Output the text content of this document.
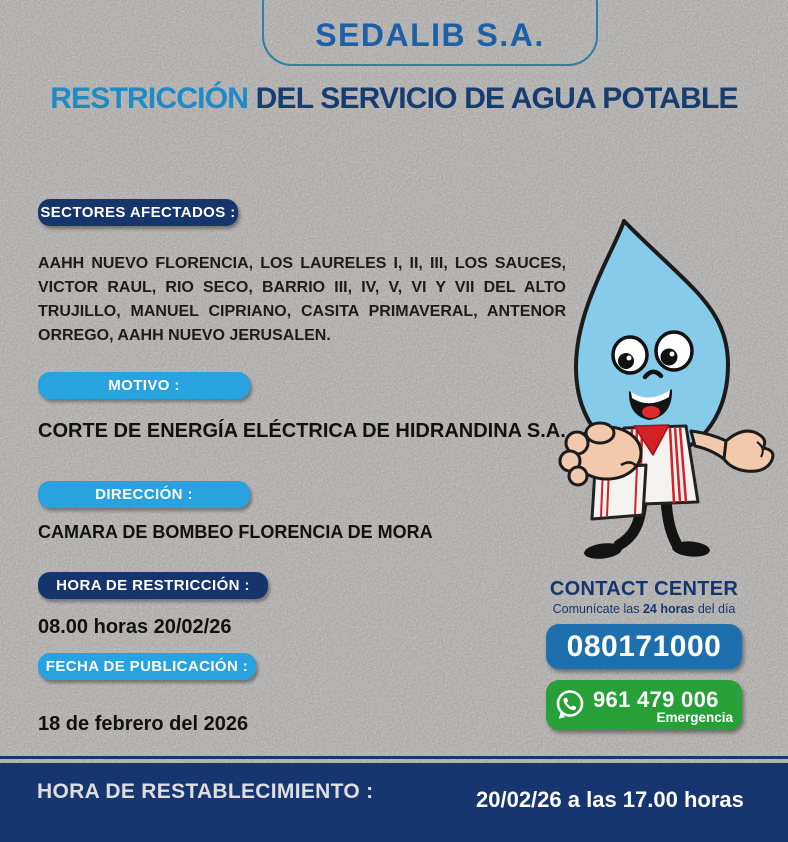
SEDALIB S.A.
RESTRICCIÓN DEL SERVICIO DE AGUA POTABLE
SECTORES AFECTADOS :

AAHH NUEVO FLORENCIA, LOS LAURELES I, II, III, LOS SAUCES, VICTOR RAUL, RIO SECO, BARRIO III, IV, V, VI Y VII DEL ALTO TRUJILLO, MANUEL CIPRIANO, CASITA PRIMAVERAL, ANTENOR ORREGO, AAHH NUEVO JERUSALEN.

MOTIVO :
CORTE DE ENERGÍA ELÉCTRICA DE HIDRANDINA S.A.
DIRECCIÓN :
CAMARA DE BOMBEO FLORENCIA DE MORA
HORA DE RESTRICCIÓN :
08.00 horas 20/02/26
FECHA DE PUBLICACIÓN :
18 de febrero del 2026
CONTACT CENTER
Comunícate las 24 horas del día
080171000
961 479 006
Emergencia
HORA DE RESTABLECIMIENTO :	20/02/26 a las 17.00 horas
